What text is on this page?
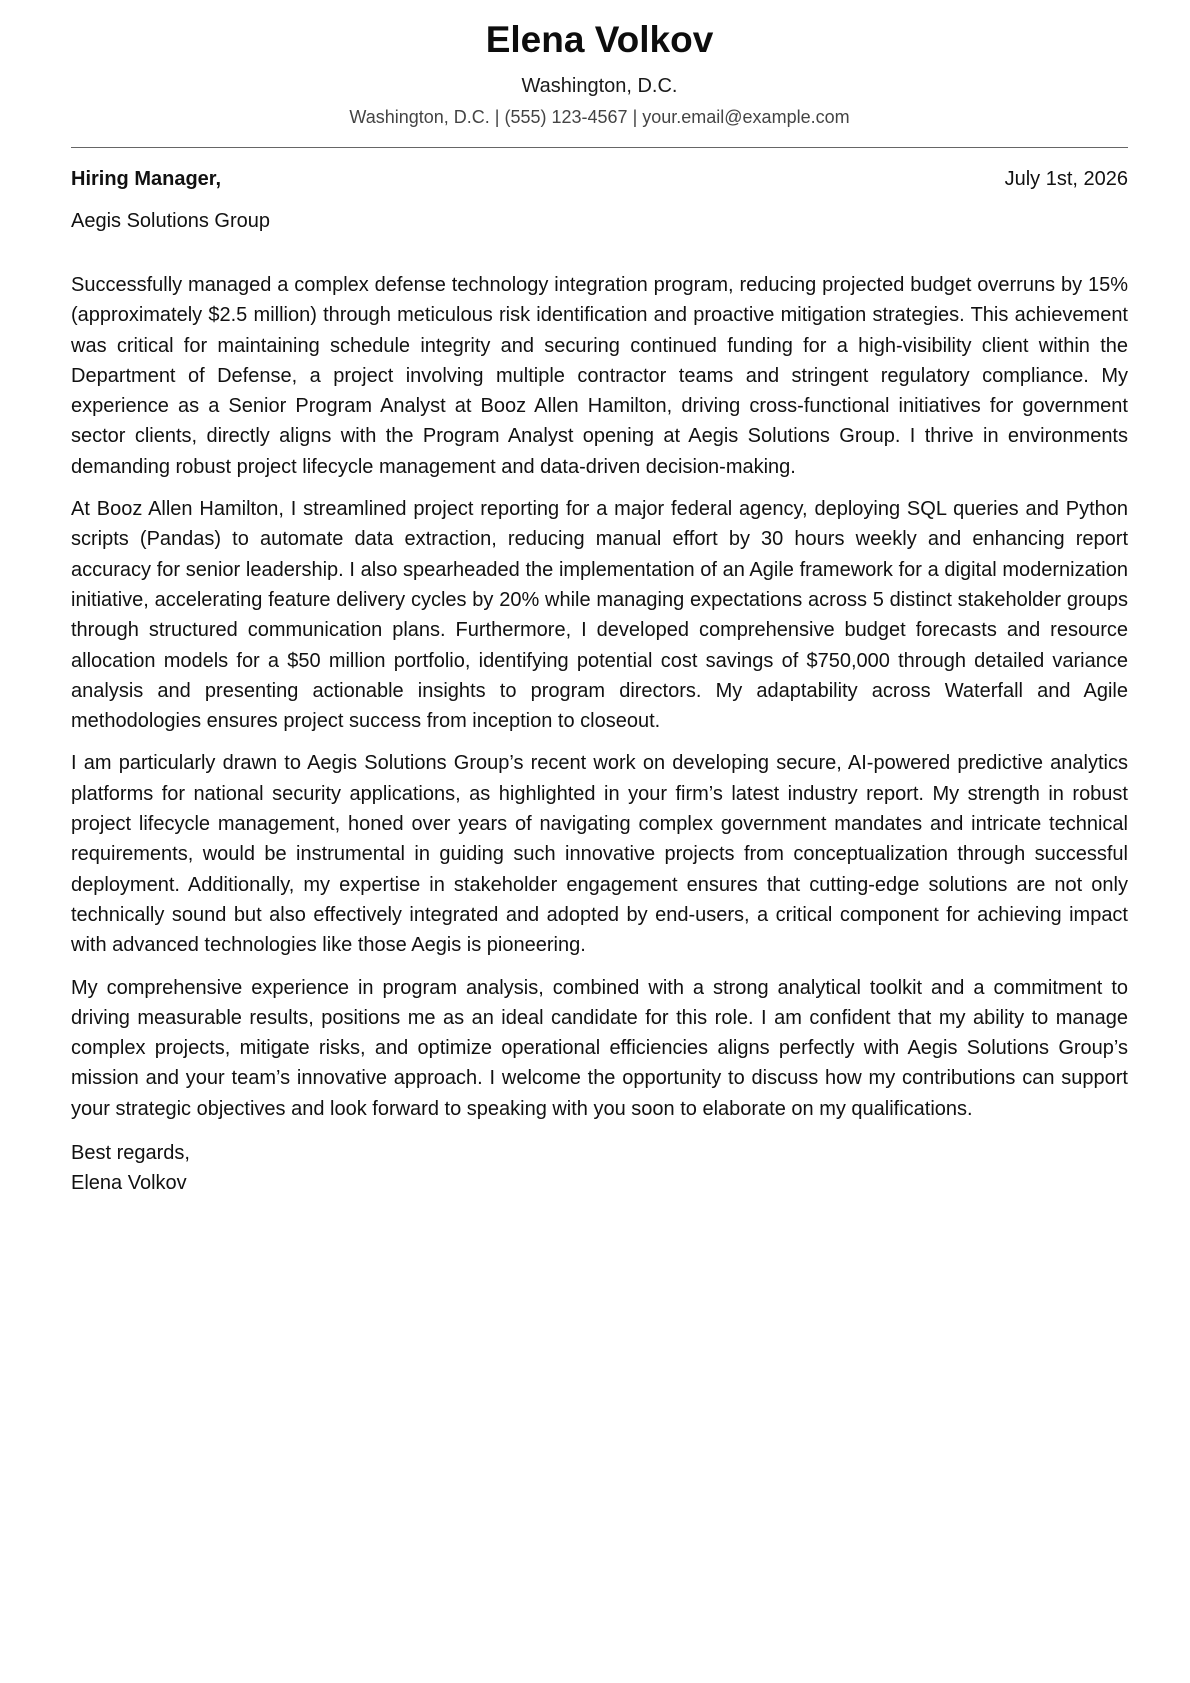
Elena Volkov
Washington, D.C.
Washington, D.C. | (555) 123-4567 | your.email@example.com
Hiring Manager,	July 1st, 2026
Aegis Solutions Group

Successfully managed a complex defense technology integration program, reducing projected budget overruns by 15% (approximately $2.5 million) through meticulous risk identification and proactive mitigation strategies. This achievement was critical for maintaining schedule integrity and securing continued funding for a high-visibility client within the Department of Defense, a project involving multiple contractor teams and stringent regulatory compliance. My experience as a Senior Program Analyst at Booz Allen Hamilton, driving cross-functional initiatives for government sector clients, directly aligns with the Program Analyst opening at Aegis Solutions Group. I thrive in environments demanding robust project lifecycle management and data-driven decision-making.

At Booz Allen Hamilton, I streamlined project reporting for a major federal agency, deploying SQL queries and Python scripts (Pandas) to automate data extraction, reducing manual effort by 30 hours weekly and enhancing report accuracy for senior leadership. I also spearheaded the implementation of an Agile framework for a digital modernization initiative, accelerating feature delivery cycles by 20% while managing expectations across 5 distinct stakeholder groups through structured communication plans. Furthermore, I developed comprehensive budget forecasts and resource allocation models for a $50 million portfolio, identifying potential cost savings of $750,000 through detailed variance analysis and presenting actionable insights to program directors. My adaptability across Waterfall and Agile methodologies ensures project success from inception to closeout.

I am particularly drawn to Aegis Solutions Group’s recent work on developing secure, AI-powered predictive analytics platforms for national security applications, as highlighted in your firm’s latest industry report. My strength in robust project lifecycle management, honed over years of navigating complex government mandates and intricate technical requirements, would be instrumental in guiding such innovative projects from conceptualization through successful deployment. Additionally, my expertise in stakeholder engagement ensures that cutting-edge solutions are not only technically sound but also effectively integrated and adopted by end-users, a critical component for achieving impact with advanced technologies like those Aegis is pioneering.

My comprehensive experience in program analysis, combined with a strong analytical toolkit and a commitment to driving measurable results, positions me as an ideal candidate for this role. I am confident that my ability to manage complex projects, mitigate risks, and optimize operational efficiencies aligns perfectly with Aegis Solutions Group’s mission and your team’s innovative approach. I welcome the opportunity to discuss how my contributions can support your strategic objectives and look forward to speaking with you soon to elaborate on my qualifications.

Best regards,
Elena Volkov
